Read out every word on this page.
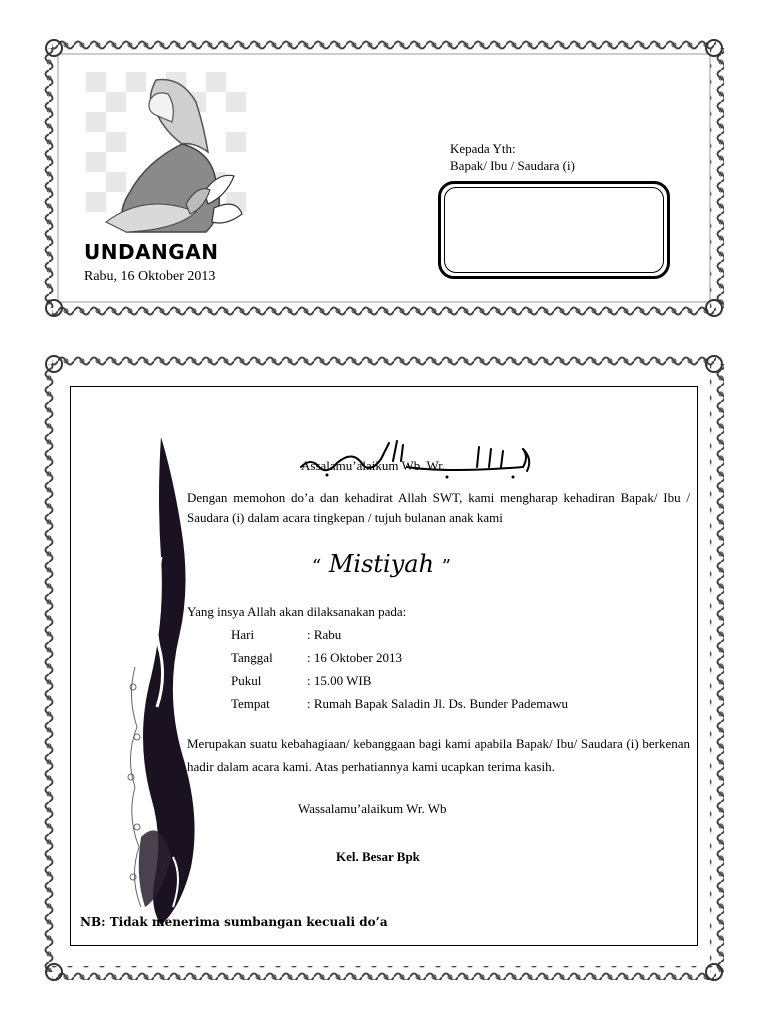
UNDANGAN
Rabu, 16 Oktober 2013
Kepada Yth:
Bapak/ Ibu / Saudara (i)
Assalamu’alaikum Wb. Wr.
Dengan memohon do’a dan kehadirat Allah SWT, kami mengharap kehadiran Bapak/ Ibu / Saudara (i) dalam acara tingkepan / tujuh bulanan anak kami
“ Mistiyah ”
Yang insya Allah akan dilaksanakan pada:
Hari	: Rabu
Tanggal	: 16 Oktober 2013
Pukul	: 15.00 WIB
Tempat	: Rumah Bapak Saladin Jl. Ds. Bunder Pademawu
Merupakan suatu kebahagiaan/ kebanggaan bagi kami apabila Bapak/ Ibu/ Saudara (i) berkenan hadir dalam acara kami. Atas perhatiannya kami ucapkan terima kasih.
Wassalamu’alaikum Wr. Wb
Kel. Besar Bpk
NB: Tidak menerima sumbangan kecuali do’a
